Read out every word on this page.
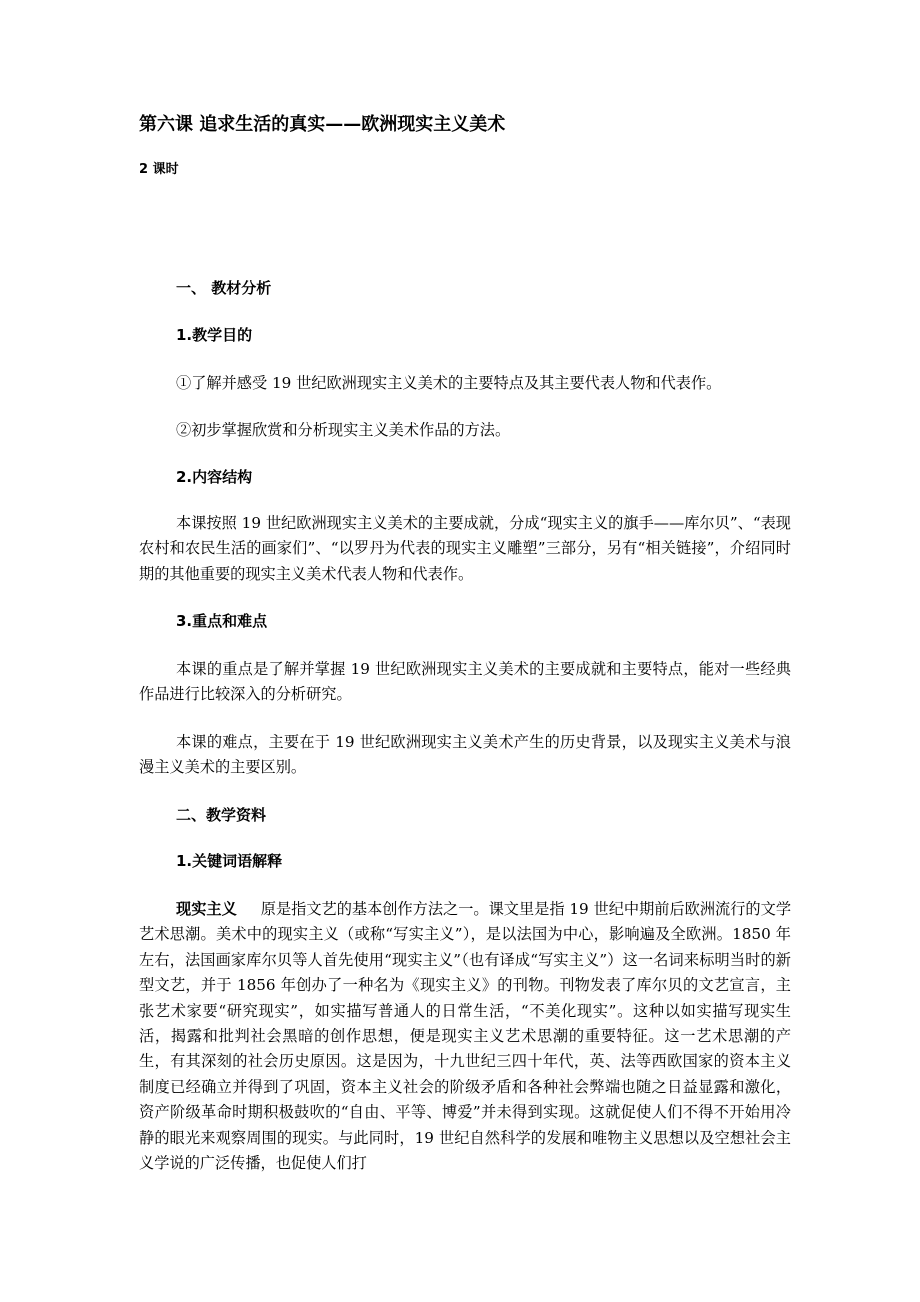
第六课 追求生活的真实——欧洲现实主义美术
2 课时
一、 教材分析
1.教学目的
①了解并感受 19 世纪欧洲现实主义美术的主要特点及其主要代表人物和代表作。
②初步掌握欣赏和分析现实主义美术作品的方法。
2.内容结构
本课按照 19 世纪欧洲现实主义美术的主要成就，分成“现实主义的旗手——库尔贝”、“表现农村和农民生活的画家们”、“以罗丹为代表的现实主义雕塑”三部分，另有“相关链接”，介绍同时期的其他重要的现实主义美术代表人物和代表作。
3.重点和难点
本课的重点是了解并掌握 19 世纪欧洲现实主义美术的主要成就和主要特点，能对一些经典作品进行比较深入的分析研究。
本课的难点，主要在于 19 世纪欧洲现实主义美术产生的历史背景，以及现实主义美术与浪漫主义美术的主要区别。
二、教学资料
1.关键词语解释
现实主义 原是指文艺的基本创作方法之一。课文里是指 19 世纪中期前后欧洲流行的文学艺术思潮。美术中的现实主义（或称“写实主义”），是以法国为中心，影响遍及全欧洲。1850 年左右，法国画家库尔贝等人首先使用“现实主义”（也有译成“写实主义”）这一名词来标明当时的新型文艺，并于 1856 年创办了一种名为《现实主义》的刊物。刊物发表了库尔贝的文艺宣言，主张艺术家要“研究现实”，如实描写普通人的日常生活，“不美化现实”。这种以如实描写现实生活，揭露和批判社会黑暗的创作思想，便是现实主义艺术思潮的重要特征。这一艺术思潮的产生，有其深刻的社会历史原因。这是因为，十九世纪三四十年代，英、法等西欧国家的资本主义制度已经确立并得到了巩固，资本主义社会的阶级矛盾和各种社会弊端也随之日益显露和激化，资产阶级革命时期积极鼓吹的“自由、平等、博爱”并未得到实现。这就促使人们不得不开始用冷静的眼光来观察周围的现实。与此同时，19 世纪自然科学的发展和唯物主义思想以及空想社会主义学说的广泛传播，也促使人们打
